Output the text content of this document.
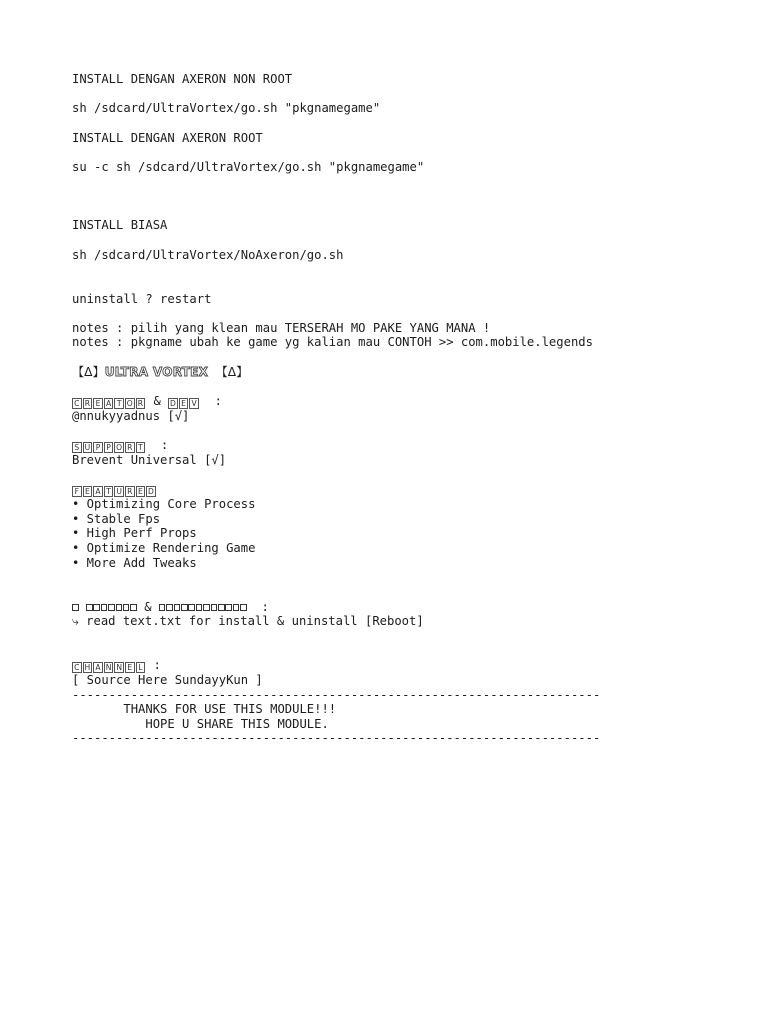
INSTALL DENGAN AXERON NON ROOT
sh /sdcard/UltraVortex/go.sh "pkgnamegame"
INSTALL DENGAN AXERON ROOT
su -c sh /sdcard/UltraVortex/go.sh "pkgnamegame"
INSTALL BIASA
sh /sdcard/UltraVortex/NoAxeron/go.sh
uninstall ? restart
notes : pilih yang klean mau TERSERAH MO PAKE YANG MANA !
notes : pkgname ubah ke game yg kalian mau CONTOH >> com.mobile.legends
【Δ】ULTRA VORTEX 【Δ】
C R E A T O R & D E V :
@nnukyyadnus [√]
S U P P O R T :
Brevent Universal [√]
F E A T U R E D
• Optimizing Core Process
• Stable Fps
• High Perf Props
• Optimize Rendering Game
• More Add Tweaks

&	:
⤷ read text.txt for install & uninstall [Reboot]
C H A N N E L :
[ Source Here SundayyKun ]
------------------------------------------------------------------------
THANKS FOR USE THIS MODULE!!!
HOPE U SHARE THIS MODULE.
------------------------------------------------------------------------
